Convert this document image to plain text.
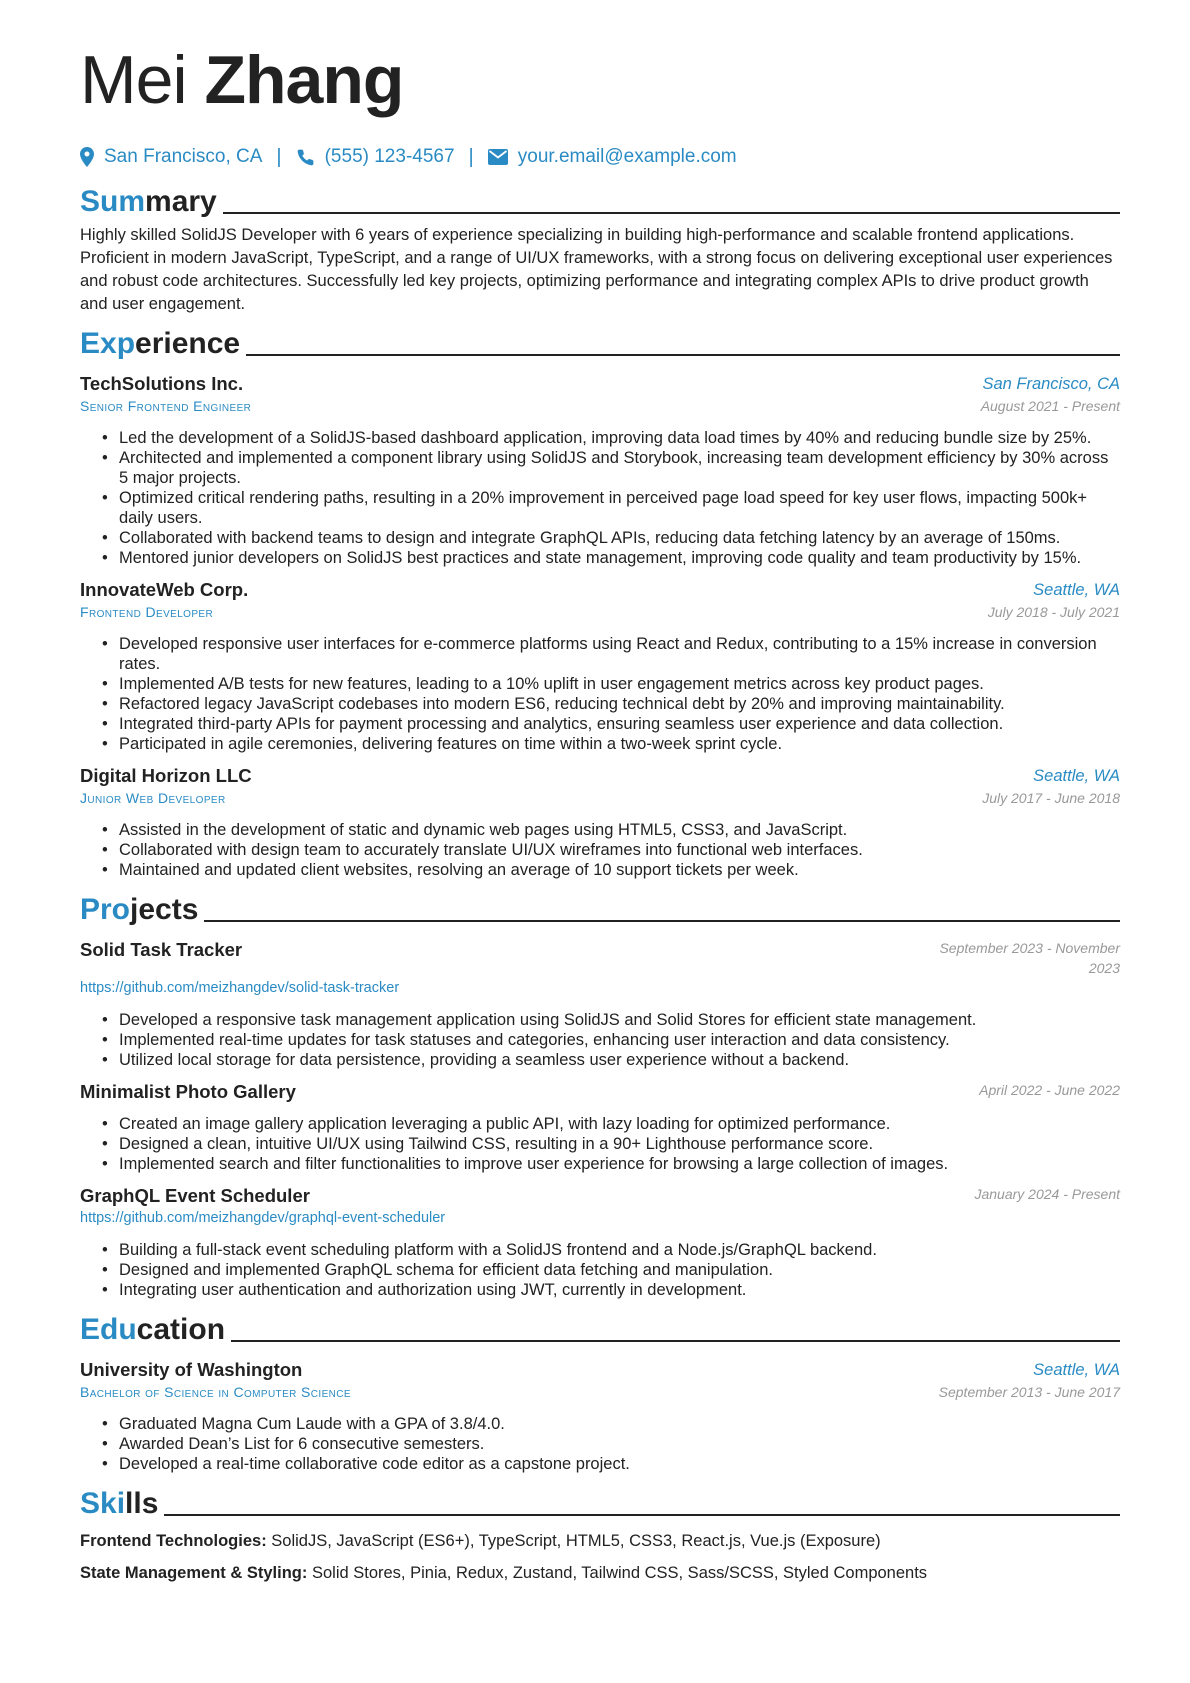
Mei Zhang
San Francisco, CA | (555) 123-4567 | your.email@example.com
Summary

Highly skilled SolidJS Developer with 6 years of experience specializing in building high-performance and scalable frontend applications. Proficient in modern JavaScript, TypeScript, and a range of UI/UX frameworks, with a strong focus on delivering exceptional user experiences and robust code architectures. Successfully led key projects, optimizing performance and integrating complex APIs to drive product growth and user engagement.

Experience
TechSolutions Inc.	San Francisco, CA
Senior Frontend Engineer	August 2021 - Present
• Led the development of a SolidJS-based dashboard application, improving data load times by 40% and reducing bundle size by 25%.
• Architected and implemented a component library using SolidJS and Storybook, increasing team development efficiency by 30% across 5 major projects.
• Optimized critical rendering paths, resulting in a 20% improvement in perceived page load speed for key user flows, impacting 500k+ daily users.
• Collaborated with backend teams to design and integrate GraphQL APIs, reducing data fetching latency by an average of 150ms.
• Mentored junior developers on SolidJS best practices and state management, improving code quality and team productivity by 15%.
InnovateWeb Corp.	Seattle, WA
Frontend Developer	July 2018 - July 2021
• Developed responsive user interfaces for e-commerce platforms using React and Redux, contributing to a 15% increase in conversion rates.
• Implemented A/B tests for new features, leading to a 10% uplift in user engagement metrics across key product pages.
• Refactored legacy JavaScript codebases into modern ES6, reducing technical debt by 20% and improving maintainability.
• Integrated third-party APIs for payment processing and analytics, ensuring seamless user experience and data collection.
• Participated in agile ceremonies, delivering features on time within a two-week sprint cycle.
Digital Horizon LLC	Seattle, WA
Junior Web Developer	July 2017 - June 2018
• Assisted in the development of static and dynamic web pages using HTML5, CSS3, and JavaScript.
• Collaborated with design team to accurately translate UI/UX wireframes into functional web interfaces.
• Maintained and updated client websites, resolving an average of 10 support tickets per week.
Projects
Solid Task Tracker	September 2023 - November 2023
https://github.com/meizhangdev/solid-task-tracker
• Developed a responsive task management application using SolidJS and Solid Stores for efficient state management.
• Implemented real-time updates for task statuses and categories, enhancing user interaction and data consistency.
• Utilized local storage for data persistence, providing a seamless user experience without a backend.
Minimalist Photo Gallery	April 2022 - June 2022
• Created an image gallery application leveraging a public API, with lazy loading for optimized performance.
• Designed a clean, intuitive UI/UX using Tailwind CSS, resulting in a 90+ Lighthouse performance score.
• Implemented search and filter functionalities to improve user experience for browsing a large collection of images.
GraphQL Event Scheduler	January 2024 - Present
https://github.com/meizhangdev/graphql-event-scheduler
• Building a full-stack event scheduling platform with a SolidJS frontend and a Node.js/GraphQL backend.
• Designed and implemented GraphQL schema for efficient data fetching and manipulation.
• Integrating user authentication and authorization using JWT, currently in development.
Education
University of Washington	Seattle, WA
Bachelor of Science in Computer Science	September 2013 - June 2017
• Graduated Magna Cum Laude with a GPA of 3.8/4.0.
• Awarded Dean’s List for 6 consecutive semesters.
• Developed a real-time collaborative code editor as a capstone project.
Skills
Frontend Technologies: SolidJS, JavaScript (ES6+), TypeScript, HTML5, CSS3, React.js, Vue.js (Exposure)
State Management & Styling: Solid Stores, Pinia, Redux, Zustand, Tailwind CSS, Sass/SCSS, Styled Components
